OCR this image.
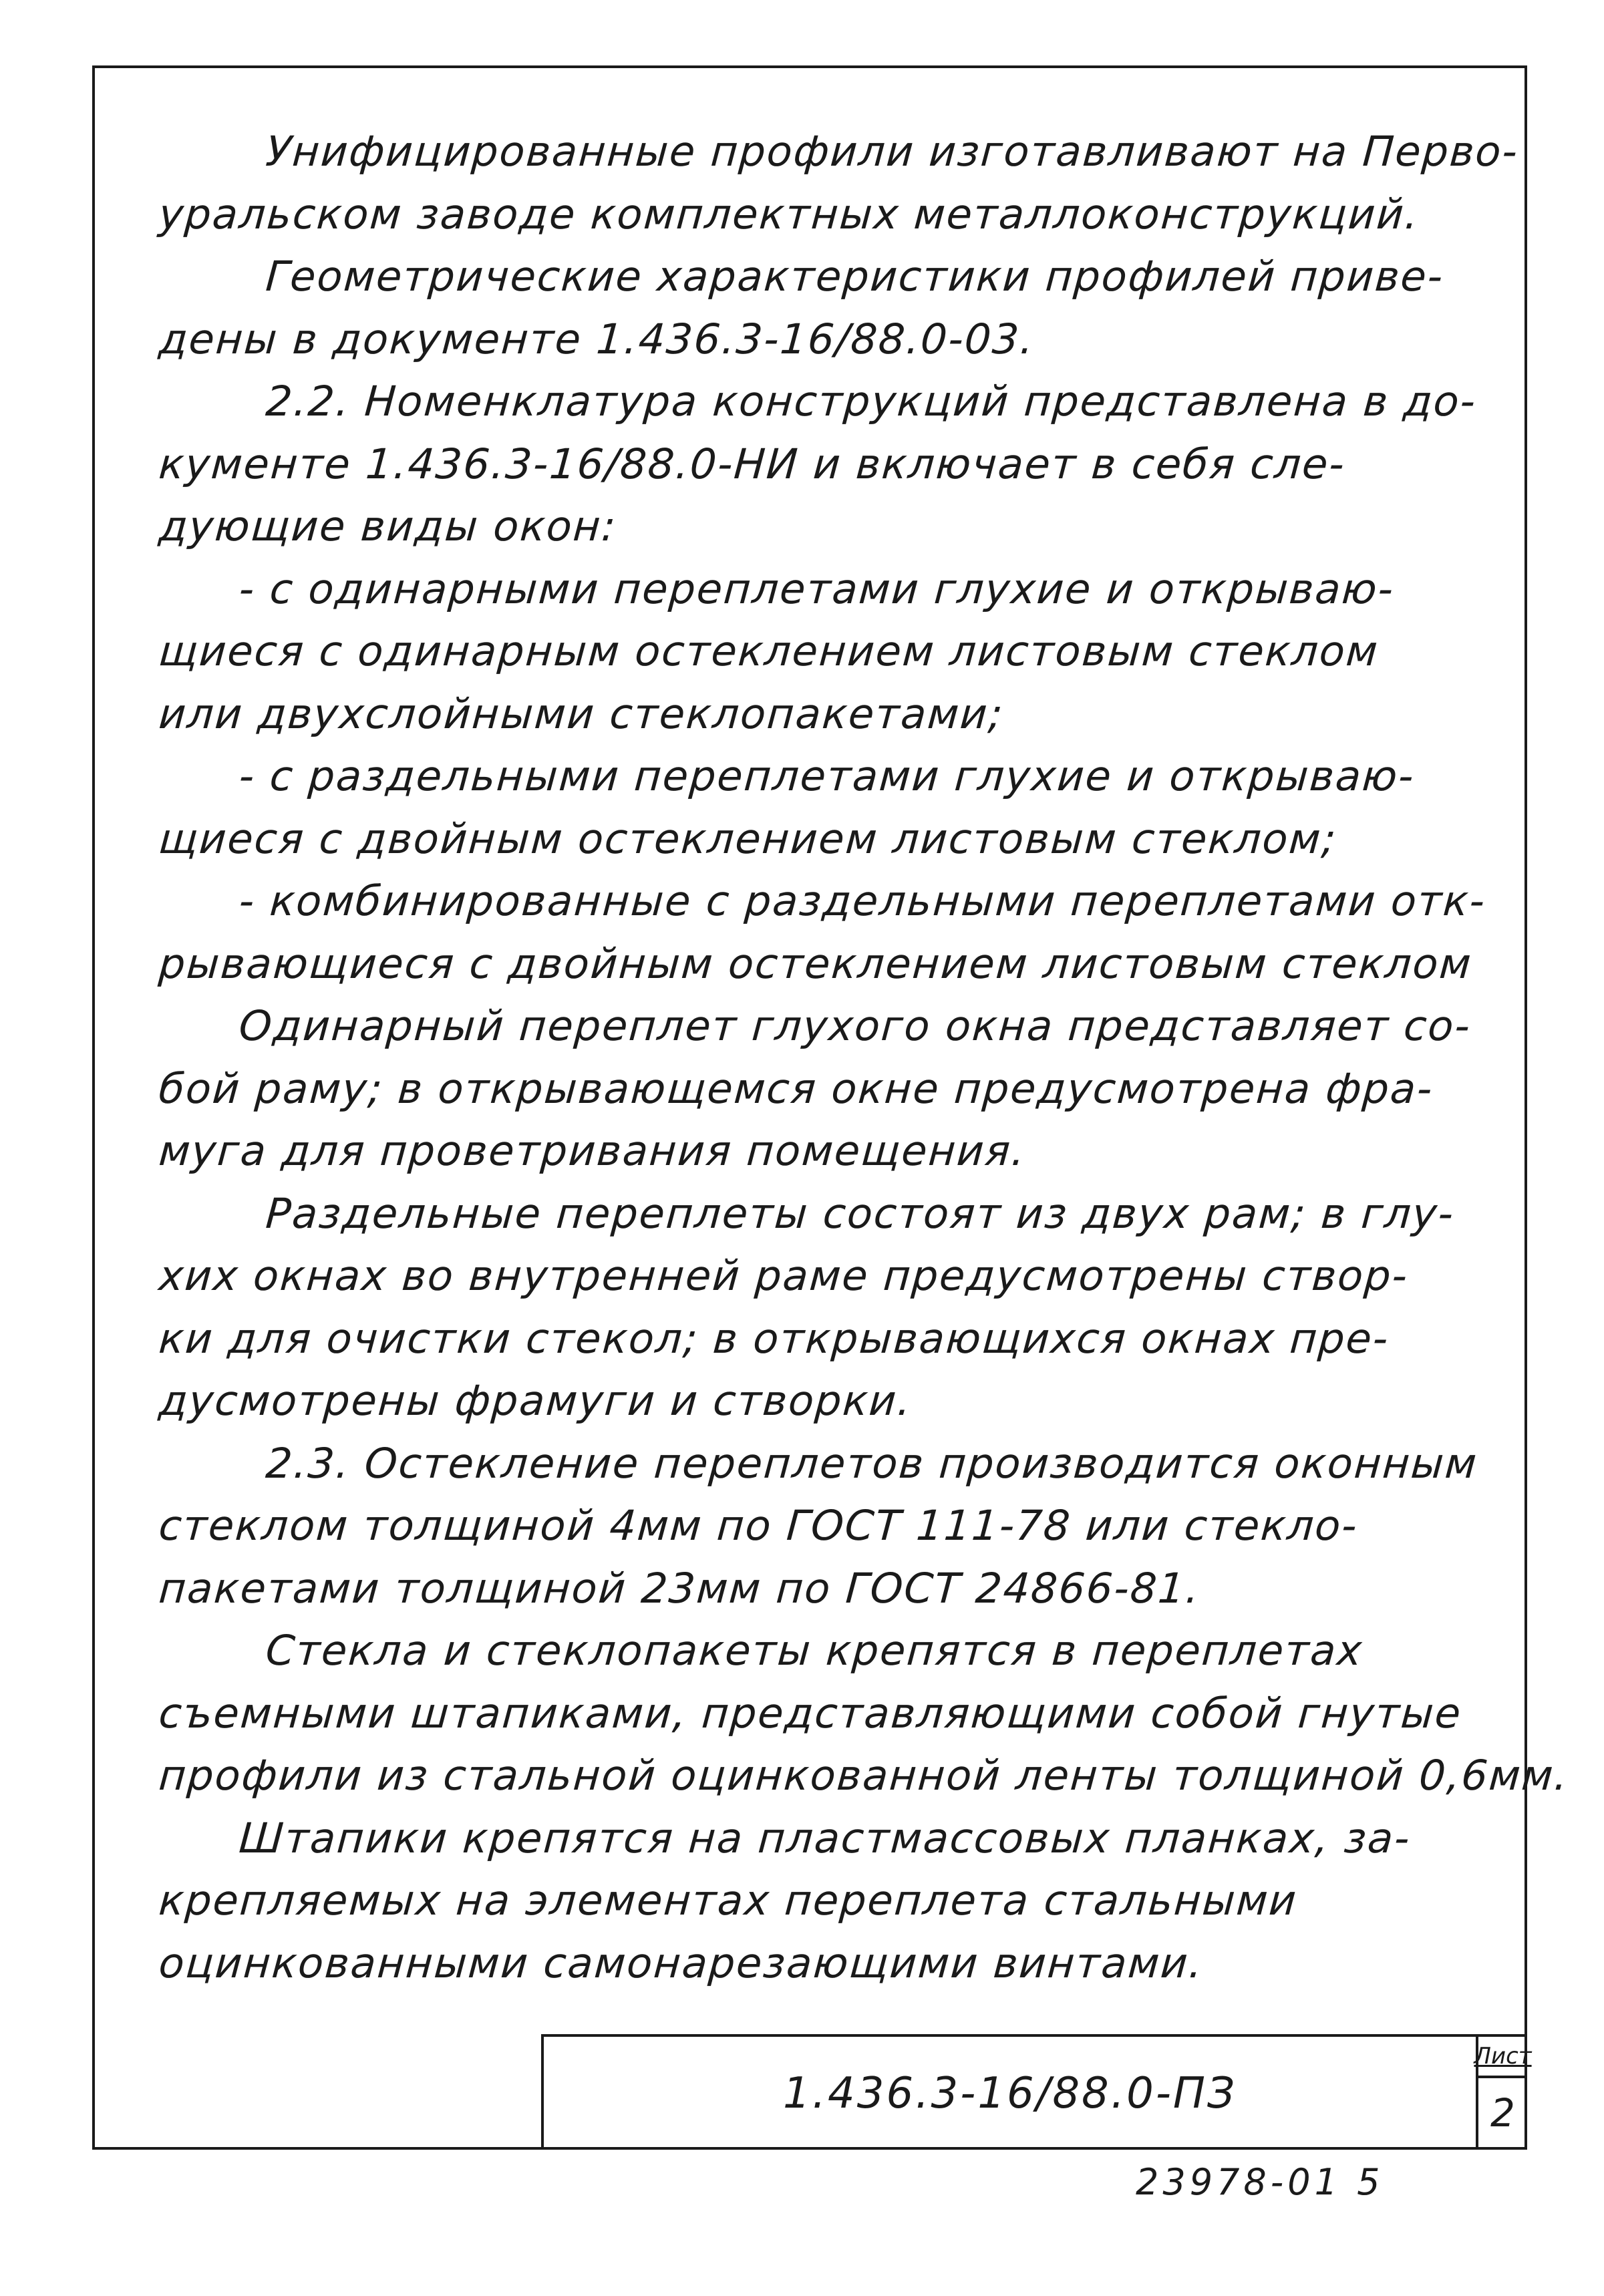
Унифицированные профили изготавливают на Перво-
уральском заводе комплектных металлоконструкций.
Геометрические характеристики профилей приве-
дены в документе 1.436.3-16/88.0-03.
2.2. Номенклатура конструкций представлена в до-
кументе 1.436.3-16/88.0-НИ и включает в себя сле-
дующие виды окон:
- с одинарными переплетами глухие и открываю-
щиеся с одинарным остеклением листовым стеклом
или двухслойными стеклопакетами;
- с раздельными переплетами глухие и открываю-
щиеся с двойным остеклением листовым стеклом;
- комбинированные с раздельными переплетами отк-
рывающиеся с двойным остеклением листовым стеклом
Одинарный переплет глухого окна представляет со-
бой раму; в открывающемся окне предусмотрена фра-
муга для проветривания помещения.
Раздельные переплеты состоят из двух рам; в глу-
хих окнах во внутренней раме предусмотрены створ-
ки для очистки стекол; в открывающихся окнах пре-
дусмотрены фрамуги и створки.
2.3. Остекление переплетов производится оконным
стеклом толщиной 4мм по ГОСТ 111-78 или стекло-
пакетами толщиной 23мм по ГОСТ 24866-81.
Стекла и стеклопакеты крепятся в переплетах
съемными штапиками, представляющими собой гнутые
профили из стальной оцинкованной ленты толщиной 0,6мм.
Штапики крепятся на пластмассовых планках, за-
крепляемых на элементах переплета стальными
оцинкованными самонарезающими винтами.
1.436.3-16/88.0-ПЗ
Лист
2
23978-01 5
